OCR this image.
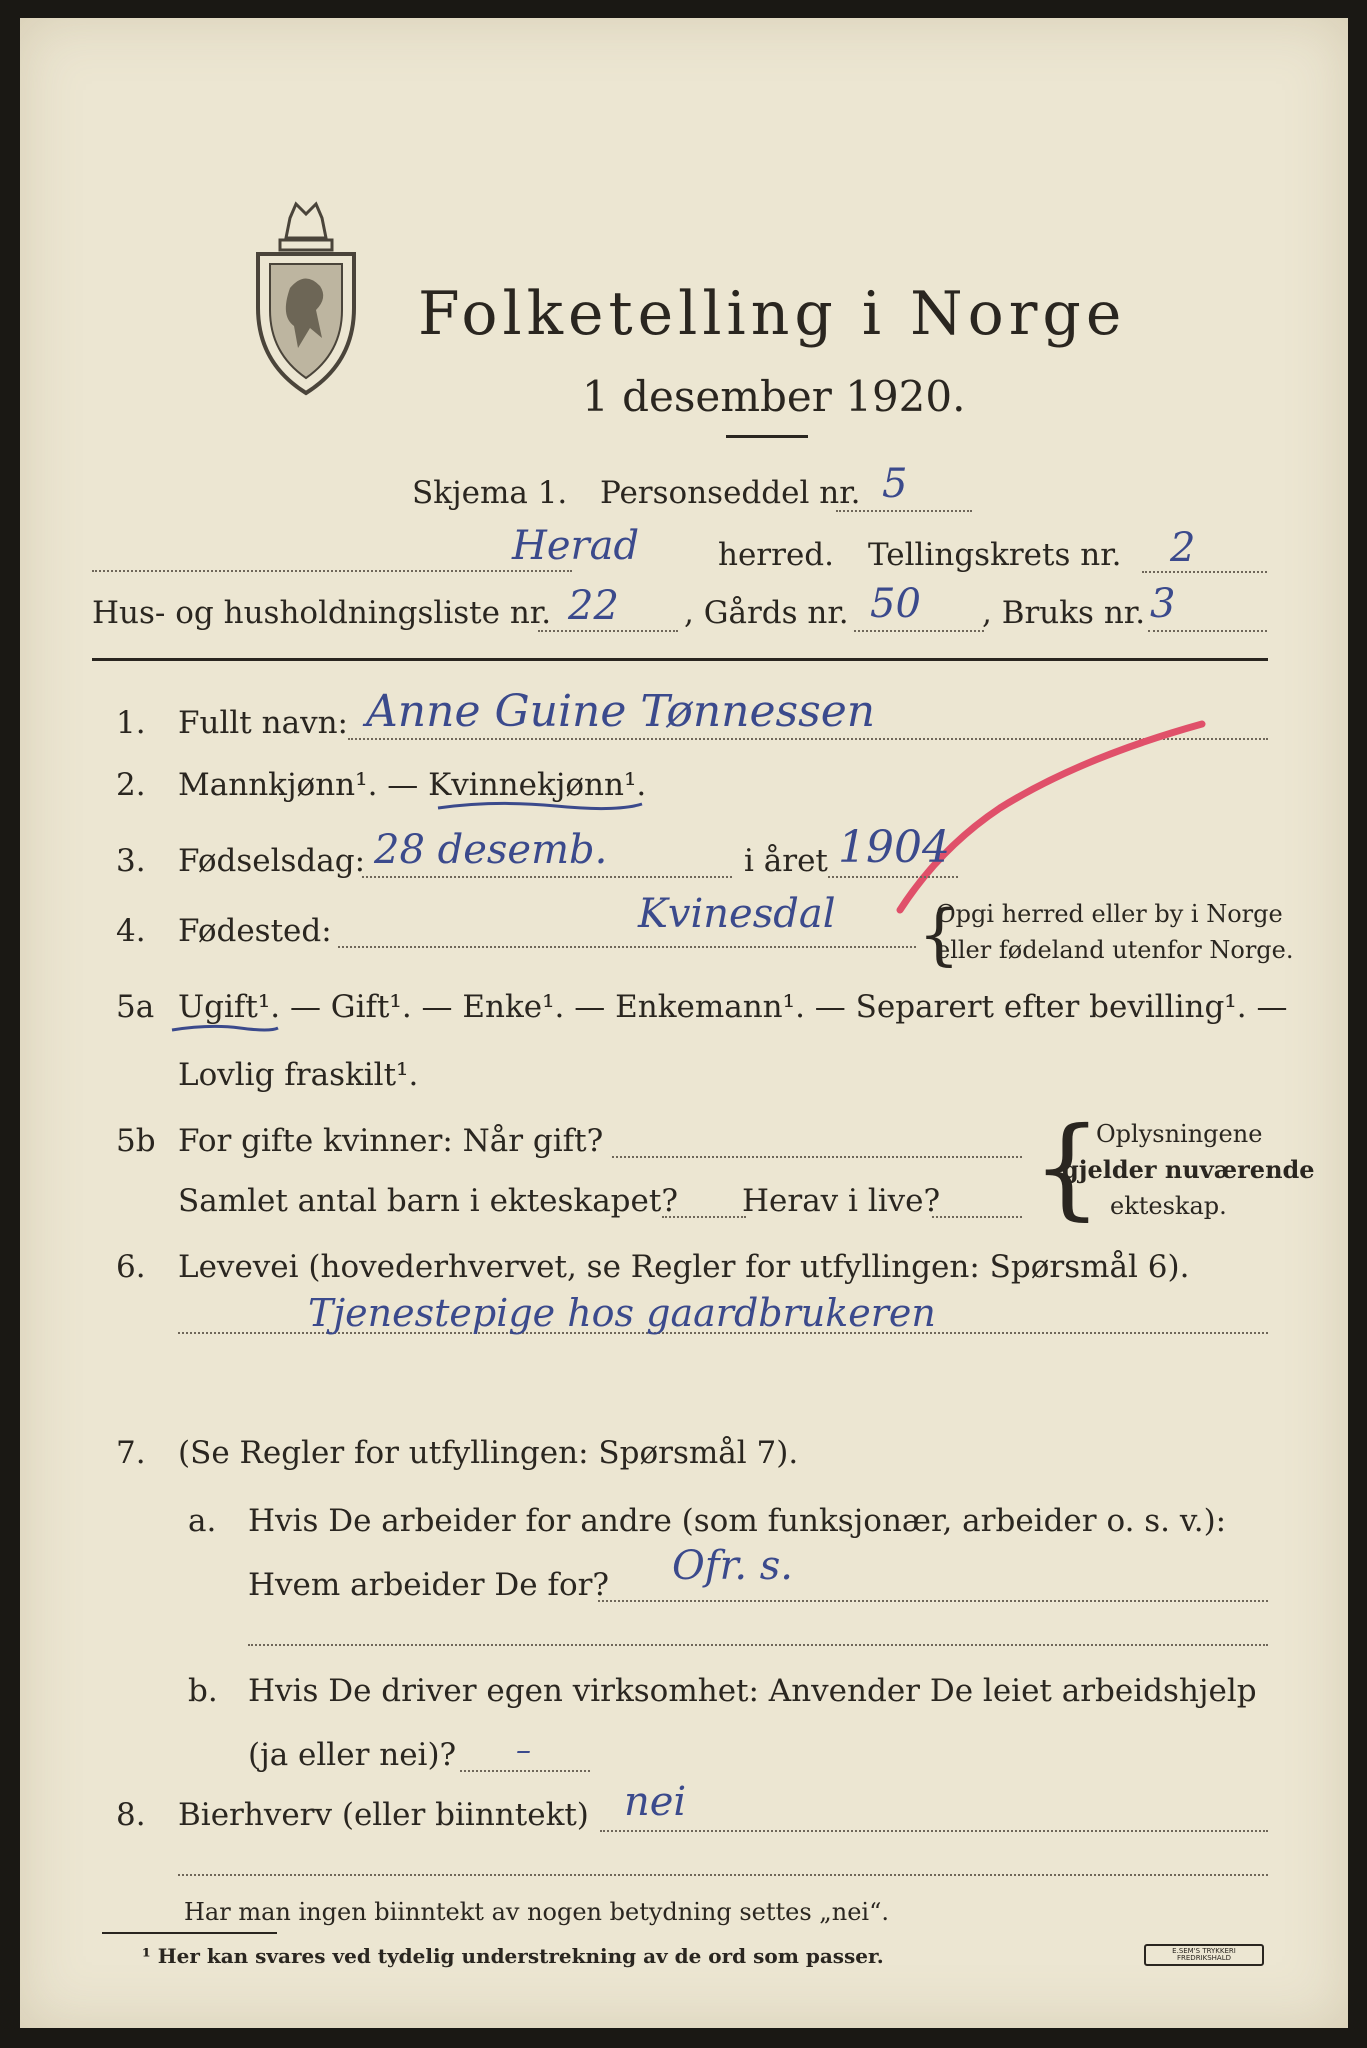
Folketelling i Norge
1 desember 1920.
Skjema 1. Personseddel nr. 5
Herad	herred. Tellingskrets nr. 2
Hus- og husholdningsliste nr. 22 , Gårds nr. 50 , Bruks nr. 3
1. Fullt navn: Anne Guine Tønnessen
2. Mannkjønn¹. — Kvinnekjønn¹.
3. Fødselsdag: 28 desemb.	i året 1904
4. Fødested:	Kvinesdal {
Opgi herred eller by i Norge
eller fødeland utenfor Norge.
5a Ugift¹. — Gift¹. — Enke¹. — Enkemann¹. — Separert efter bevilling¹. —
Lovlig fraskilt¹.
5b For gifte kvinner: Når gift?
Samlet antal barn i ekteskapet? Herav i live? {
Oplysningene
gjelder nuværende
ekteskap.
6. Levevei (hovederhvervet, se Regler for utfyllingen: Spørsmål 6).
Tjenestepige hos gaardbrukeren
7. (Se Regler for utfyllingen: Spørsmål 7).
a. Hvis De arbeider for andre (som funksjonær, arbeider o. s. v.):
Hvem arbeider De for? Ofr. s.
b. Hvis De driver egen virksomhet: Anvender De leiet arbeidshjelp
(ja eller nei)? –
8. Bierhverv (eller biinntekt) nei
Har man ingen biinntekt av nogen betydning settes „nei“.
¹ Her kan svares ved tydelig understrekning av de ord som passer.	E.SEM'S TRYKKERI FREDRIKSHALD
